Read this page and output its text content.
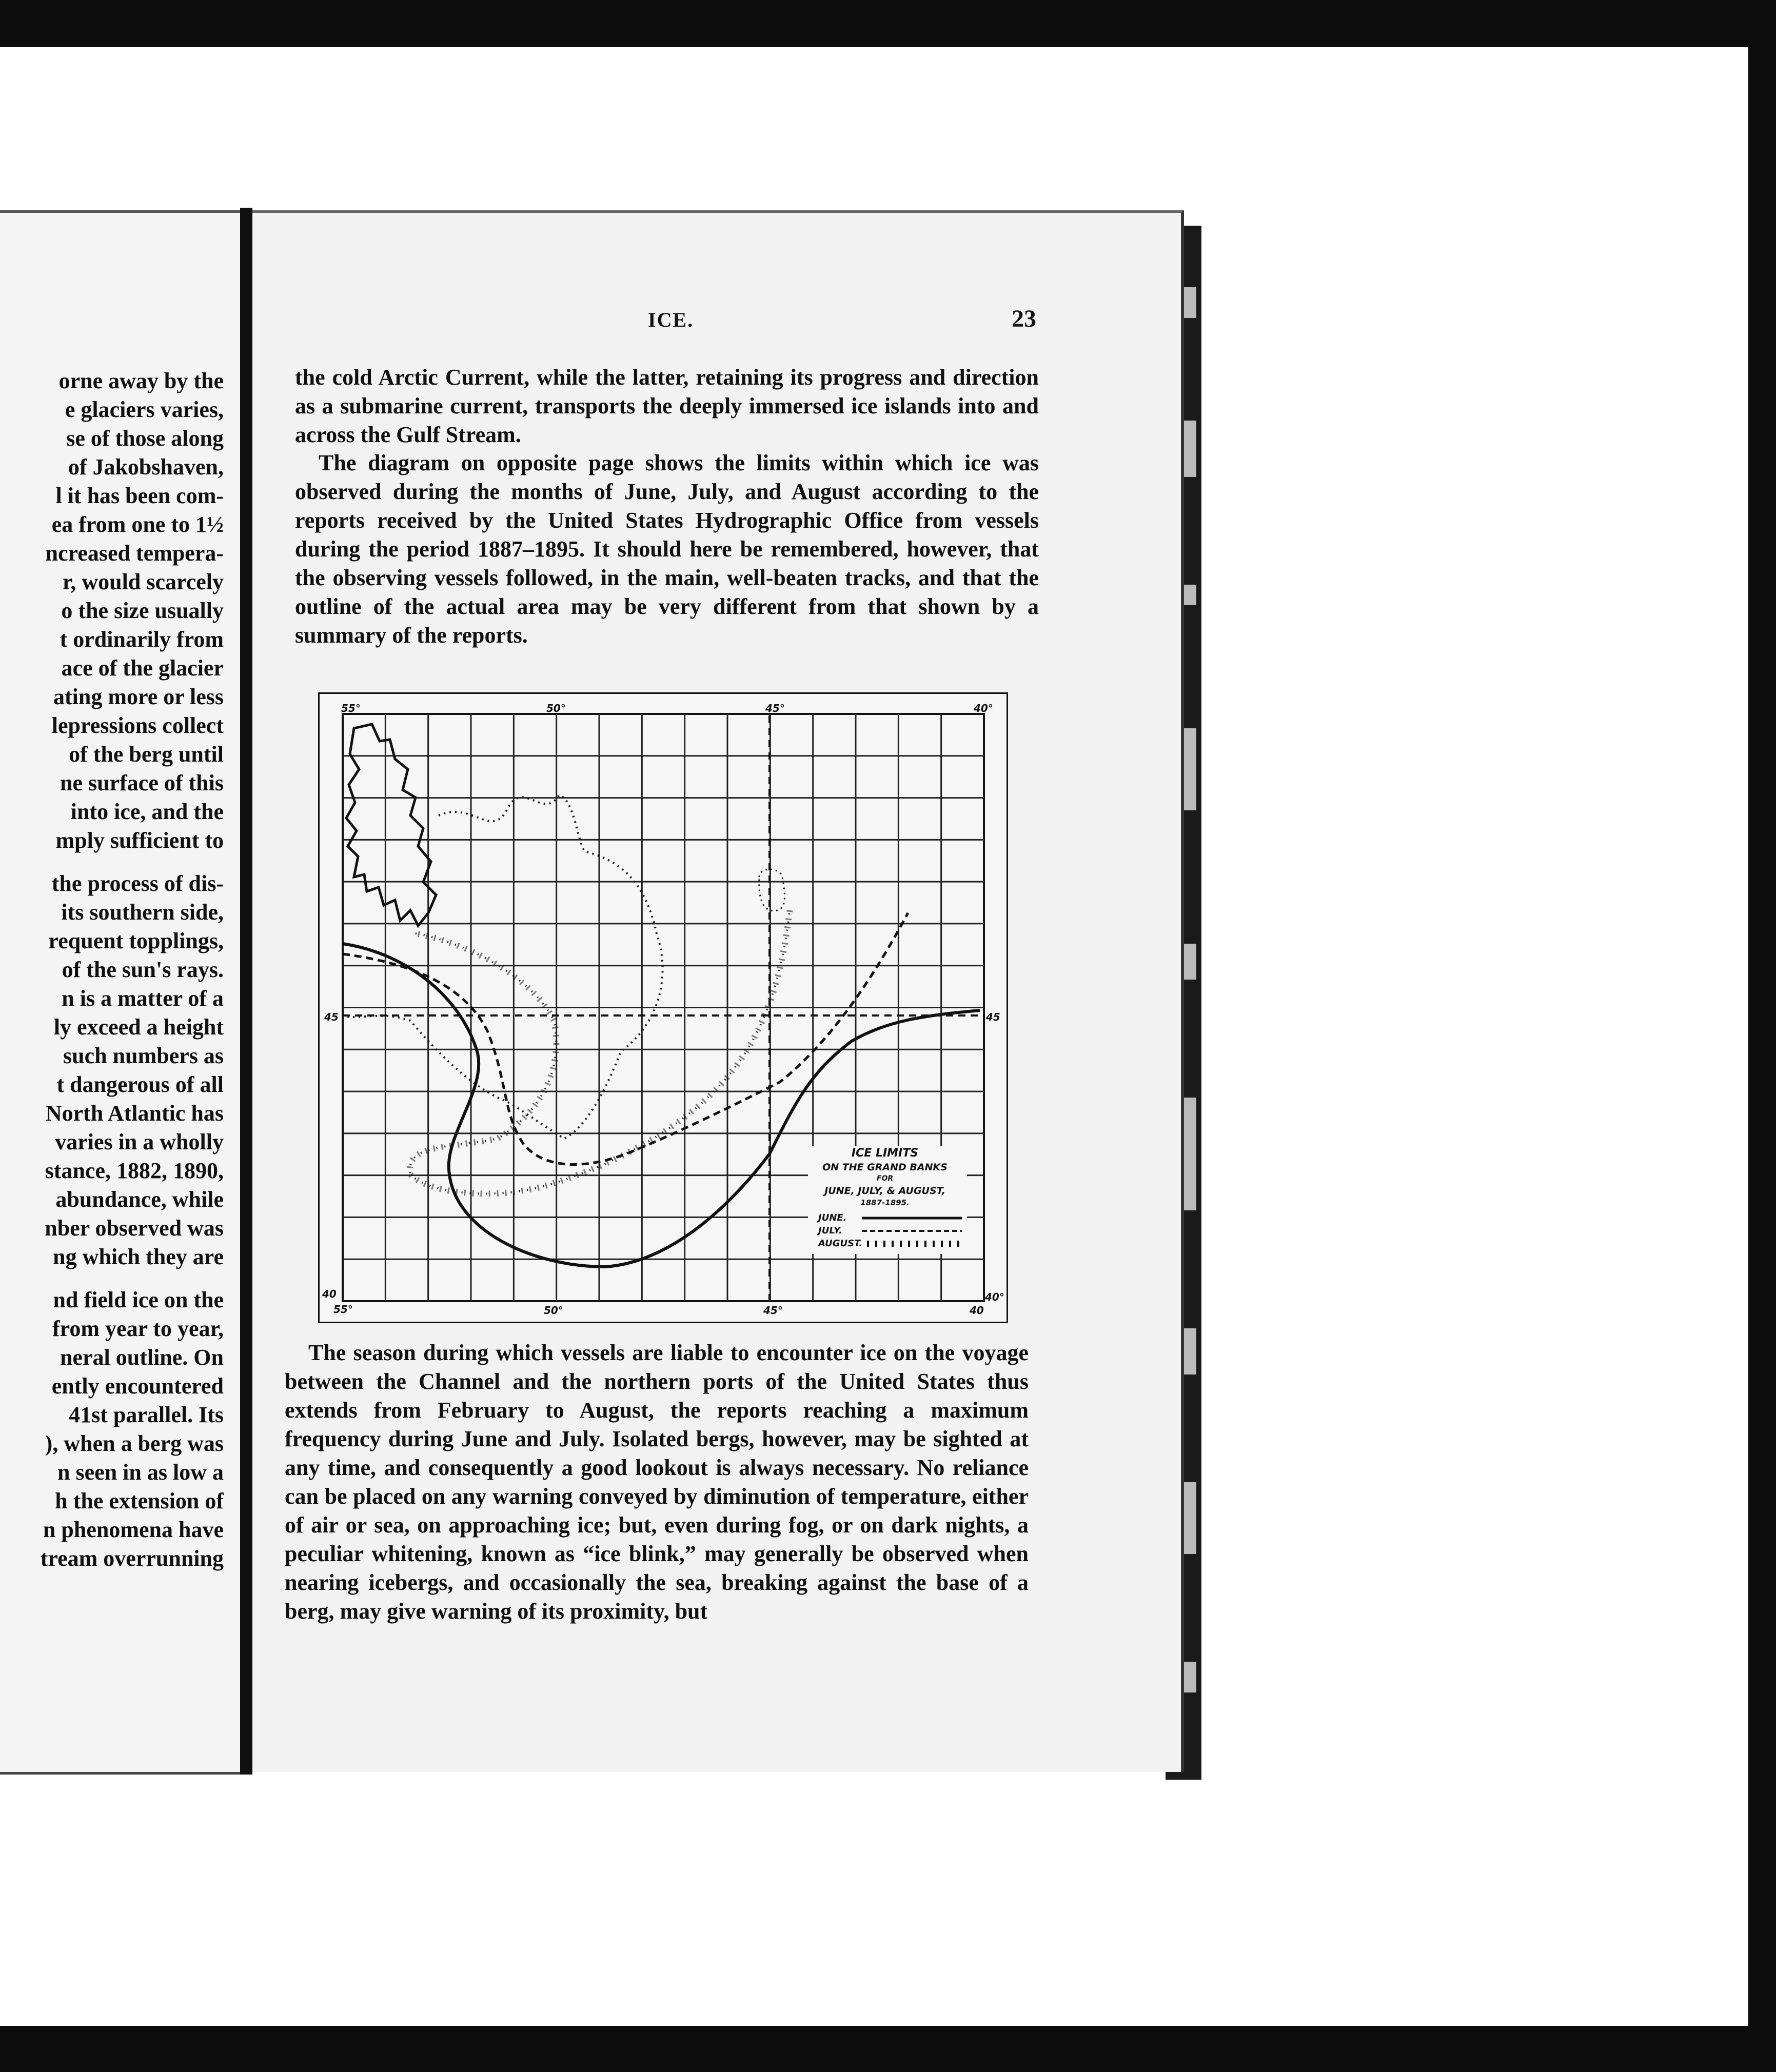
orne away by the
e glaciers varies,
se of those along
of Jakobshaven,
l it has been com-
ea from one to 1½
ncreased tempera-
r, would scarcely
o the size usually
t ordinarily from
ace of the glacier
ating more or less
lepressions collect
of the berg until
ne surface of this
into ice, and the
mply sufficient to
the process of dis-
its southern side,
requent topplings,
of the sun's rays.
n is a matter of a
ly exceed a height
such numbers as
t dangerous of all
North Atlantic has
varies in a wholly
stance, 1882, 1890,
abundance, while
nber observed was
ng which they are
nd field ice on the
from year to year,
neral outline. On
ently encountered
41st parallel. Its
), when a berg was
n seen in as low a
h the extension of
n phenomena have
tream overrunning
ICE.	23
the cold Arctic Current, while the latter, retaining its progress and direction as a submarine current, transports the deeply immersed ice islands into and across the Gulf Stream.
The diagram on opposite page shows the limits within which ice was observed during the months of June, July, and August according to the reports received by the United States Hydrographic Office from vessels during the period 1887–1895. It should here be remembered, however, that the observing vessels followed, in the main, well-beaten tracks, and that the outline of the actual area may be very different from that shown by a summary of the reports.
ICE LIMITS
ON THE GRAND BANKS
FOR
JUNE, JULY, & AUGUST,
1887-1895.
JUNE.
JULY.
AUGUST.
55°	50°	45°	40°
45	45
40
55°	50°	45°	40
40°
The season during which vessels are liable to encounter ice on the voyage between the Channel and the northern ports of the United States thus extends from February to August, the reports reaching a maximum frequency during June and July. Isolated bergs, however, may be sighted at any time, and consequently a good lookout is always necessary. No reliance can be placed on any warning conveyed by diminution of temperature, either of air or sea, on approaching ice; but, even during fog, or on dark nights, a peculiar whitening, known as “ice blink,” may generally be observed when nearing icebergs, and occasionally the sea, breaking against the base of a berg, may give warning of its proximity, but
